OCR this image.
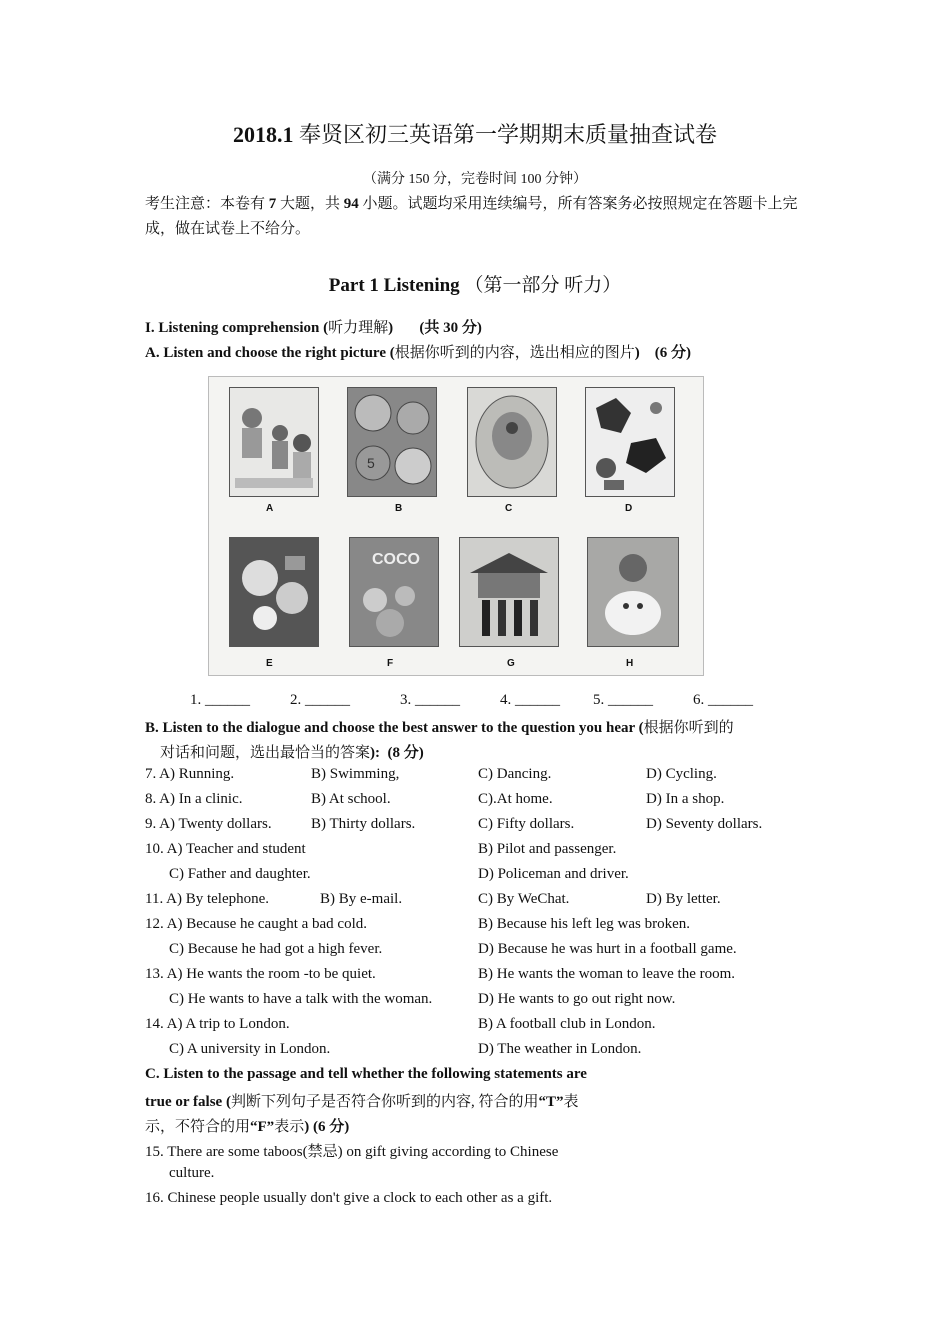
2018.1 奉贤区初三英语第一学期期末质量抽查试卷
（满分 150 分，完卷时间 100 分钟）
考生注意：本卷有 7 大题，共 94 小题。试题均采用连续编号，所有答案务必按照规定在答题卡上完成，做在试卷上不给分。
Part 1 Listening （第一部分 听力）
I. Listening comprehension (听力理解) (共 30 分)
A. Listen and choose the right picture (根据你听到的内容，选出相应的图片) (6 分)
A
5
B	C	D
E
COCO
F	G	H
1. ______	2. ______	3. ______	4. ______ 5. ______	6. ______
B. Listen to the dialogue and choose the best answer to the question you hear (根据你听到的
对话和问题，选出最恰当的答案): (8 分)
7. A) Running.	B) Swimming,	C) Dancing.	D) Cycling.
8. A) In a clinic.	B) At school.	C).At home.	D) In a shop.
9. A) Twenty dollars.	B) Thirty dollars.	C) Fifty dollars.	D) Seventy dollars.
10. A) Teacher and student	B) Pilot and passenger.
C) Father and daughter.	D) Policeman and driver.
11. A) By telephone.	B) By e-mail.	C) By WeChat.	D) By letter.
12. A) Because he caught a bad cold.	B) Because his left leg was broken.
C) Because he had got a high fever.	D) Because he was hurt in a football game.
13. A) He wants the room -to be quiet.	B) He wants the woman to leave the room.
C) He wants to have a talk with the woman.	D) He wants to go out right now.
14. A) A trip to London.	B) A football club in London.
C) A university in London.	D) The weather in London.
C. Listen to the passage and tell whether the following statements are
true or false (判断下列句子是否符合你听到的内容, 符合的用“T”表
示，不符合的用“F”表示) (6 分)
15. There are some taboos(禁忌) on gift giving according to Chinese
culture.
16. Chinese people usually don't give a clock to each other as a gift.
